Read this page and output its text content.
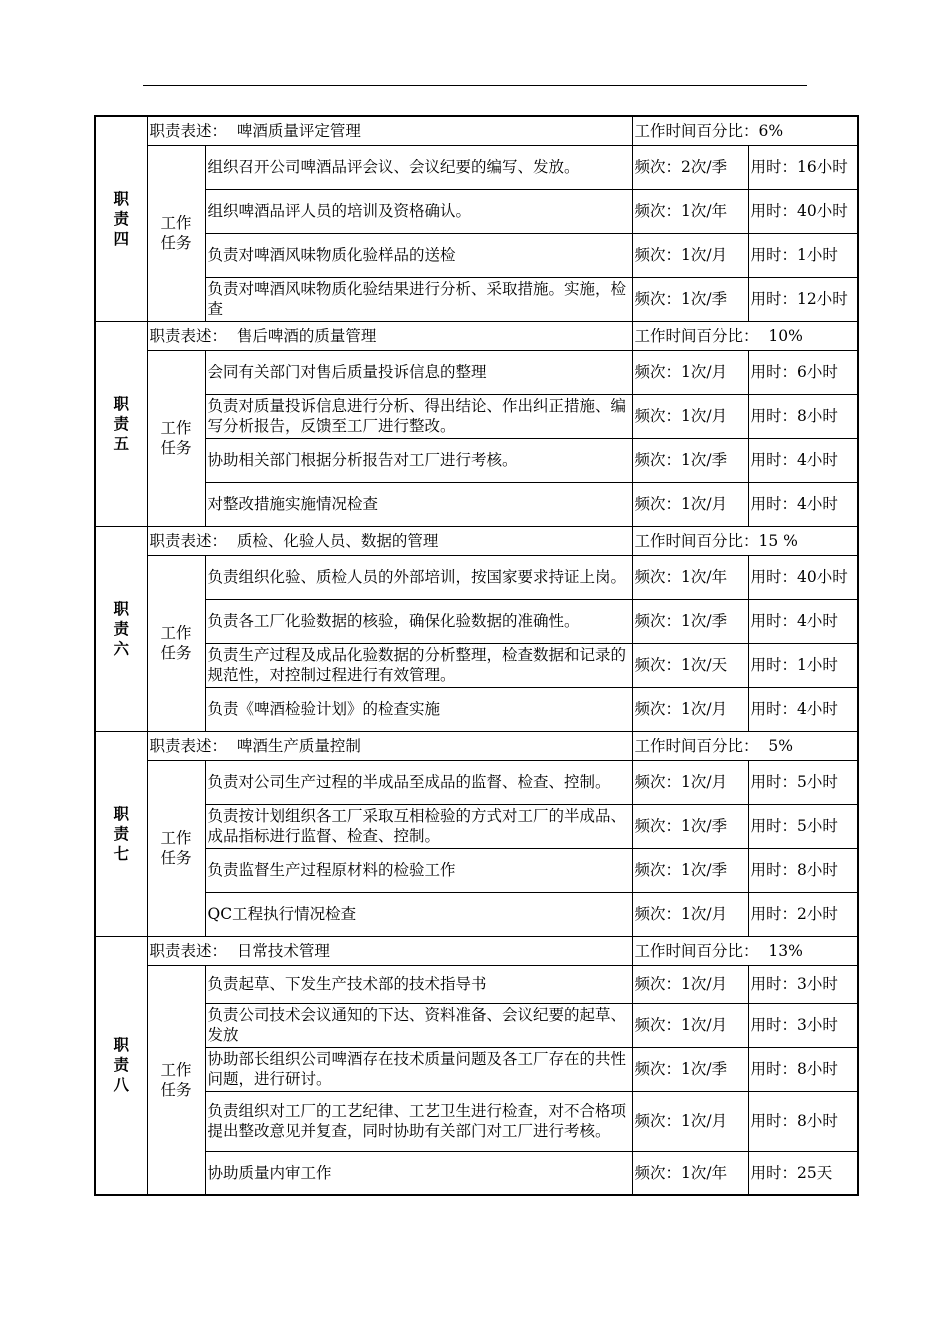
职
责
四	职责表述：  啤酒质量评定管理		工作时间百分比：6%	

	工作任务	组织召开公司啤酒品评会议、会议纪要的编写、发放。	频次：2次/季	用时：16小时
		组织啤酒品评人员的培训及资格确认。	频次：1次/年	用时：40小时
		负责对啤酒风味物质化验样品的送检	频次：1次/月	用时：1小时
		负责对啤酒风味物质化验结果进行分析、采取措施。实施，检查	频次：1次/季	用时：12小时

职
责
五	职责表述：  售后啤酒的质量管理		工作时间百分比：  10%	

	工作任务	会同有关部门对售后质量投诉信息的整理	频次：1次/月	用时：6小时
		负责对质量投诉信息进行分析、得出结论、作出纠正措施、编写分析报告，反馈至工厂进行整改。	频次：1次/月	用时：8小时
		协助相关部门根据分析报告对工厂进行考核。	频次：1次/季	用时：4小时
		对整改措施实施情况检查	频次：1次/月	用时：4小时

职
责
六	职责表述：  质检、化验人员、数据的管理		工作时间百分比：15 %	

	工作任务	负责组织化验、质检人员的外部培训，按国家要求持证上岗。	频次：1次/年	用时：40小时
		负责各工厂化验数据的核验，确保化验数据的准确性。	频次：1次/季	用时：4小时
		负责生产过程及成品化验数据的分析整理，检查数据和记录的规范性，对控制过程进行有效管理。	频次：1次/天	用时：1小时
		负责《啤酒检验计划》的检查实施	频次：1次/月	用时：4小时

职
责
七	职责表述：  啤酒生产质量控制		工作时间百分比：  5%	

	工作任务	负责对公司生产过程的半成品至成品的监督、检查、控制。	频次：1次/月	用时：5小时
		负责按计划组织各工厂采取互相检验的方式对工厂的半成品、成品指标进行监督、检查、控制。	频次：1次/季	用时：5小时
		负责监督生产过程原材料的检验工作	频次：1次/季	用时：8小时
		QC工程执行情况检查	频次：1次/月	用时：2小时

职
责
八	职责表述：  日常技术管理		工作时间百分比：  13%	

	工作任务	负责起草、下发生产技术部的技术指导书	频次：1次/月	用时：3小时
		负责公司技术会议通知的下达、资料准备、会议纪要的起草、发放	频次：1次/月	用时：3小时
		协助部长组织公司啤酒存在技术质量问题及各工厂存在的共性问题，进行研讨。	频次：1次/季	用时：8小时
		负责组织对工厂的工艺纪律、工艺卫生进行检查，对不合格项提出整改意见并复查，同时协助有关部门对工厂进行考核。	频次：1次/月	用时：8小时
		协助质量内审工作	频次：1次/年	用时：25天
